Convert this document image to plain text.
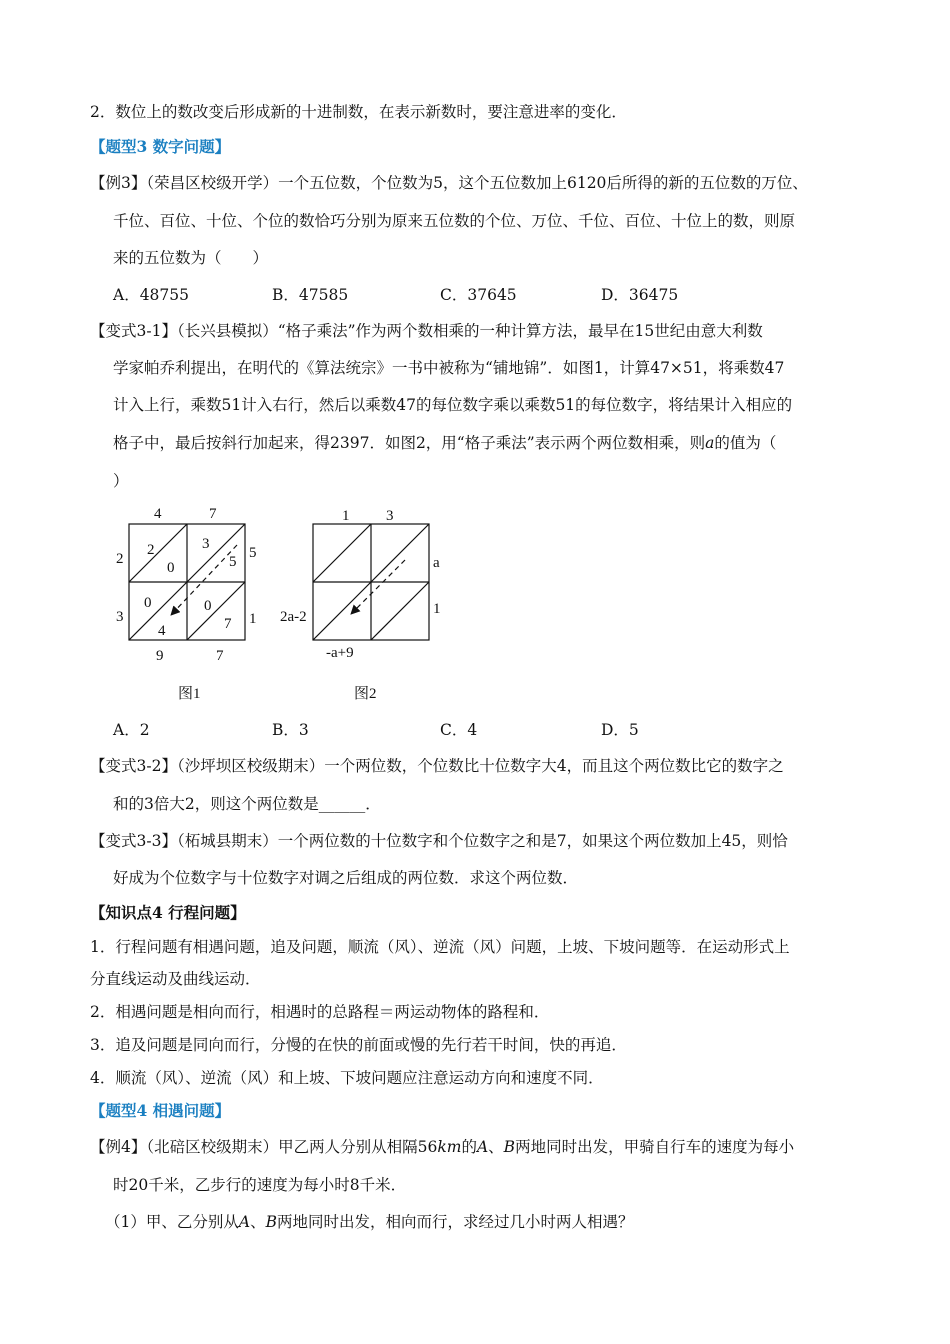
2．数位上的数改变后形成新的十进制数，在表示新数时，要注意进率的变化．
【题型3 数字问题】
【例3】（荣昌区校级开学）一个五位数，个位数为5，这个五位数加上6120后所得的新的五位数的万位、
千位、百位、十位、个位的数恰巧分别为原来五位数的个位、万位、千位、百位、十位上的数，则原
来的五位数为（　　）
A．48755	B．47585	C．37645	D．36475
【变式3-1】（长兴县模拟）“格子乘法”作为两个数相乘的一种计算方法，最早在15世纪由意大利数
学家帕乔利提出，在明代的《算法统宗》一书中被称为“铺地锦”．如图1，计算47×51，将乘数47
计入上行，乘数51计入右行，然后以乘数47的每位数字乘以乘数51的每位数字，将结果计入相应的
格子中，最后按斜行加起来，得2397．如图2，用“格子乘法”表示两个两位数相乘，则a的值为（
）
4	7
2
3
5
1
9	7
2
0
3
5
0
4
0
7
图1
1 3
a
1
2a-2
-a+9
图2
A．2	B．3	C．4	D．5
【变式3-2】（沙坪坝区校级期末）一个两位数，个位数比十位数字大4，而且这个两位数比它的数字之
和的3倍大2，则这个两位数是______．
【变式3-3】（柘城县期末）一个两位数的十位数字和个位数字之和是7，如果这个两位数加上45，则恰
好成为个位数字与十位数字对调之后组成的两位数．求这个两位数．
【知识点4 行程问题】
1．行程问题有相遇问题，追及问题，顺流（风）、逆流（风）问题，上坡、下坡问题等．在运动形式上
分直线运动及曲线运动．
2．相遇问题是相向而行，相遇时的总路程＝两运动物体的路程和．
3．追及问题是同向而行，分慢的在快的前面或慢的先行若干时间，快的再追．
4．顺流（风）、逆流（风）和上坡、下坡问题应注意运动方向和速度不同．
【题型4 相遇问题】
【例4】（北碚区校级期末）甲乙两人分别从相隔56km的A、B两地同时出发，甲骑自行车的速度为每小
时20千米，乙步行的速度为每小时8千米．
（1）甲、乙分别从A、B两地同时出发，相向而行，求经过几小时两人相遇？
